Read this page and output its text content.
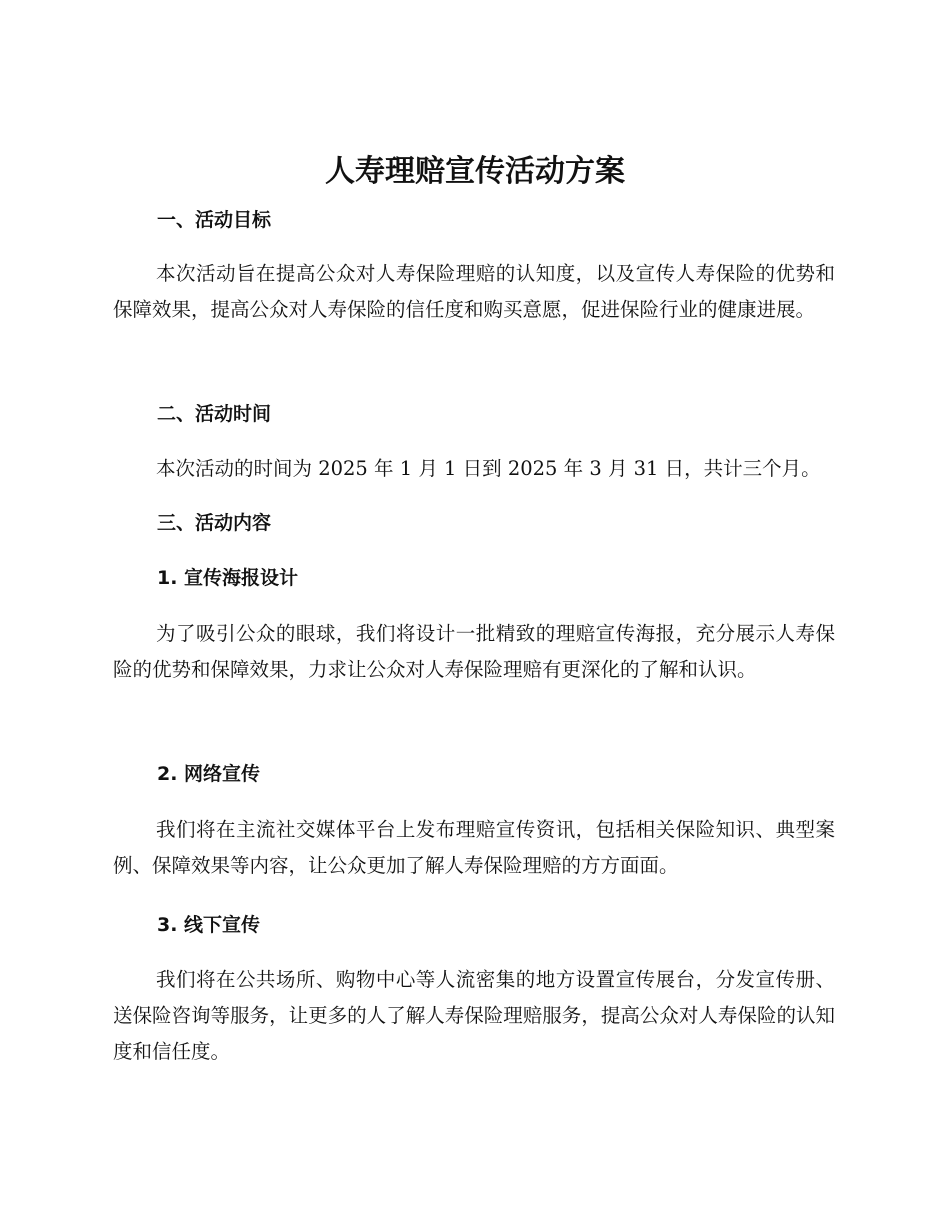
人寿理赔宣传活动方案
一、活动目标

本次活动旨在提高公众对人寿保险理赔的认知度，以及宣传人寿保险的优势和保障效果，提高公众对人寿保险的信任度和购买意愿，促进保险行业的健康进展。

二、活动时间

本次活动的时间为 2025 年 1 月 1 日到 2025 年 3 月 31 日，共计三个月。

三、活动内容
1. 宣传海报设计

为了吸引公众的眼球，我们将设计一批精致的理赔宣传海报，充分展示人寿保险的优势和保障效果，力求让公众对人寿保险理赔有更深化的了解和认识。

2. 网络宣传

我们将在主流社交媒体平台上发布理赔宣传资讯，包括相关保险知识、典型案例、保障效果等内容，让公众更加了解人寿保险理赔的方方面面。

3. 线下宣传

我们将在公共场所、购物中心等人流密集的地方设置宣传展台，分发宣传册、送保险咨询等服务，让更多的人了解人寿保险理赔服务，提高公众对人寿保险的认知度和信任度。
